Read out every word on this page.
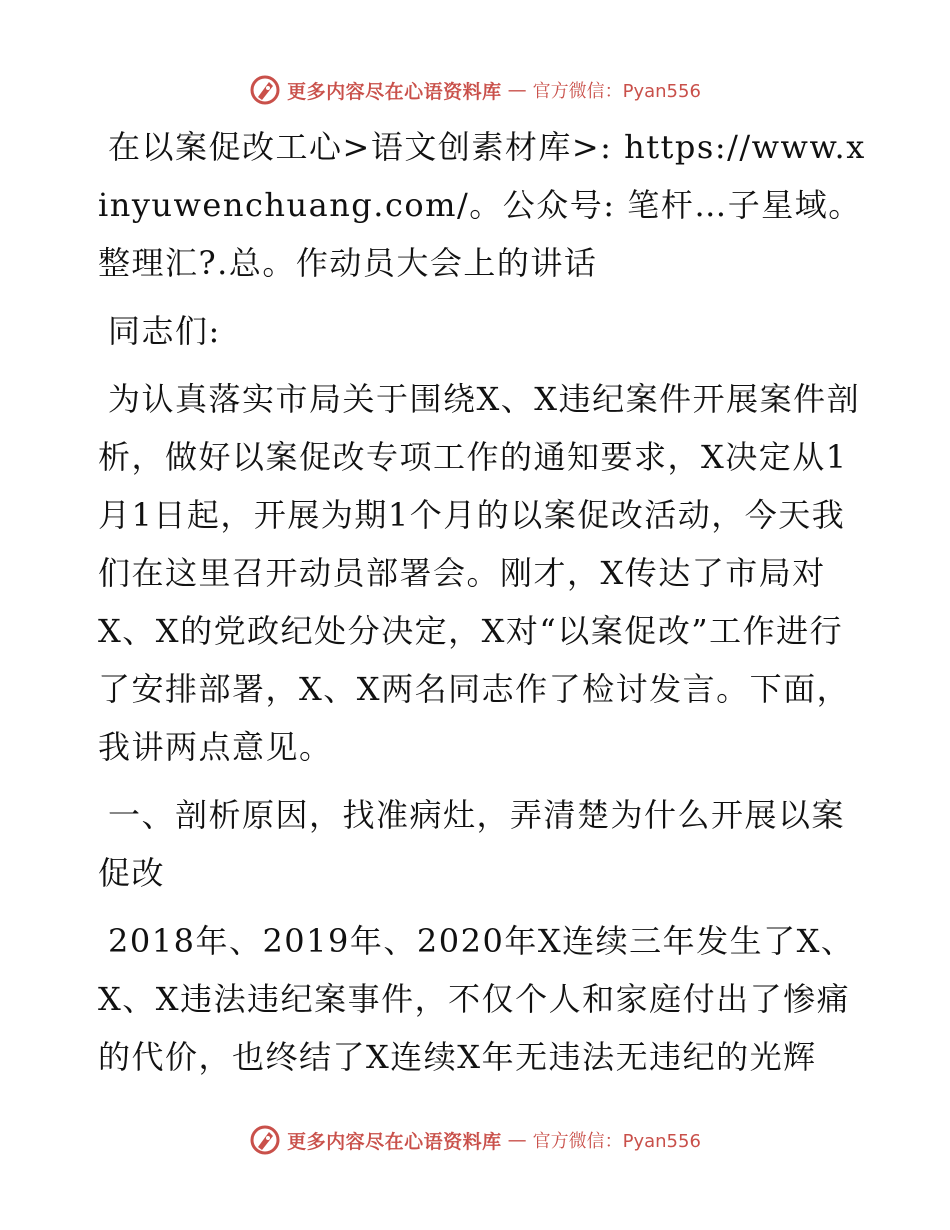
更多内容尽在心语资料库 — 官方微信：Pyan556

在以案促改工心>语文创素材库>: https://www.xinyuwenchuang.com/。公众号: 笔杆…子星域。整理汇?.总。作动员大会上的讲话

同志们:

为认真落实市局关于围绕X、X违纪案件开展案件剖析，做好以案促改专项工作的通知要求，X决定从1月1日起，开展为期1个月的以案促改活动，今天我们在这里召开动员部署会。刚才，X传达了市局对X、X的党政纪处分决定，X对“以案促改”工作进行了安排部署，X、X两名同志作了检讨发言。下面，我讲两点意见。

一、剖析原因，找准病灶，弄清楚为什么开展以案促改

2018年、2019年、2020年X连续三年发生了X、X、X违法违纪案事件，不仅个人和家庭付出了惨痛的代价，也终结了X连续X年无违法无违纪的光辉

更多内容尽在心语资料库 — 官方微信：Pyan556
